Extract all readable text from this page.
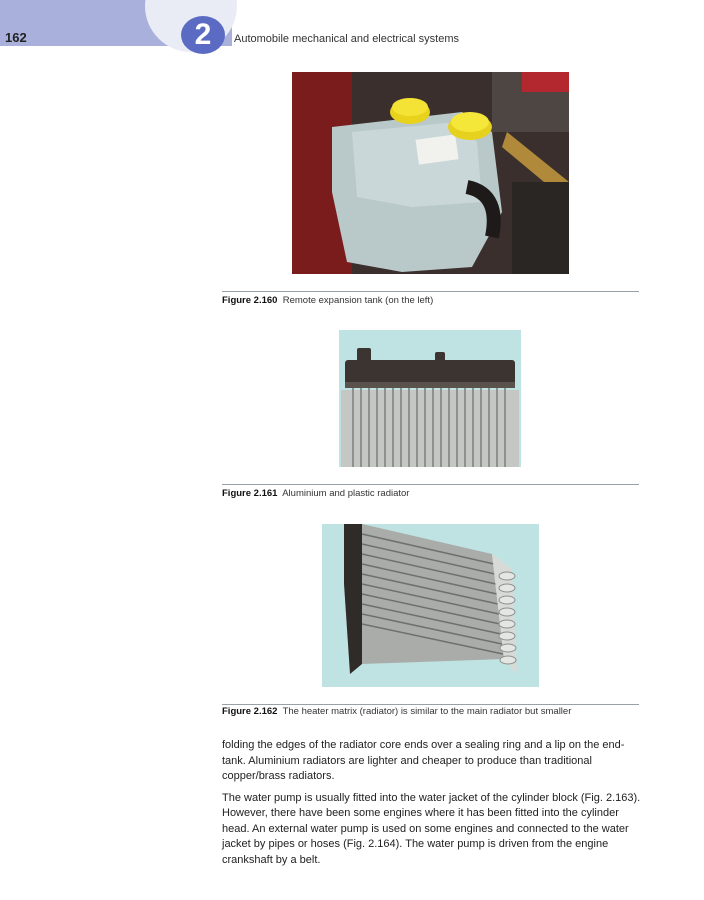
162	2	Automobile mechanical and electrical systems
Figure 2.160 Remote expansion tank (on the left)
Figure 2.161 Aluminium and plastic radiator
Figure 2.162 The heater matrix (radiator) is similar to the main radiator but smaller

folding the edges of the radiator core ends over a sealing ring and a lip on the end-tank. Aluminium radiators are lighter and cheaper to produce than traditional copper/brass radiators.

The water pump is usually fitted into the water jacket of the cylinder block (Fig. 2.163). However, there have been some engines where it has been fitted into the cylinder head. An external water pump is used on some engines and connected to the water jacket by pipes or hoses (Fig. 2.164). The water pump is driven from the engine crankshaft by a belt.
